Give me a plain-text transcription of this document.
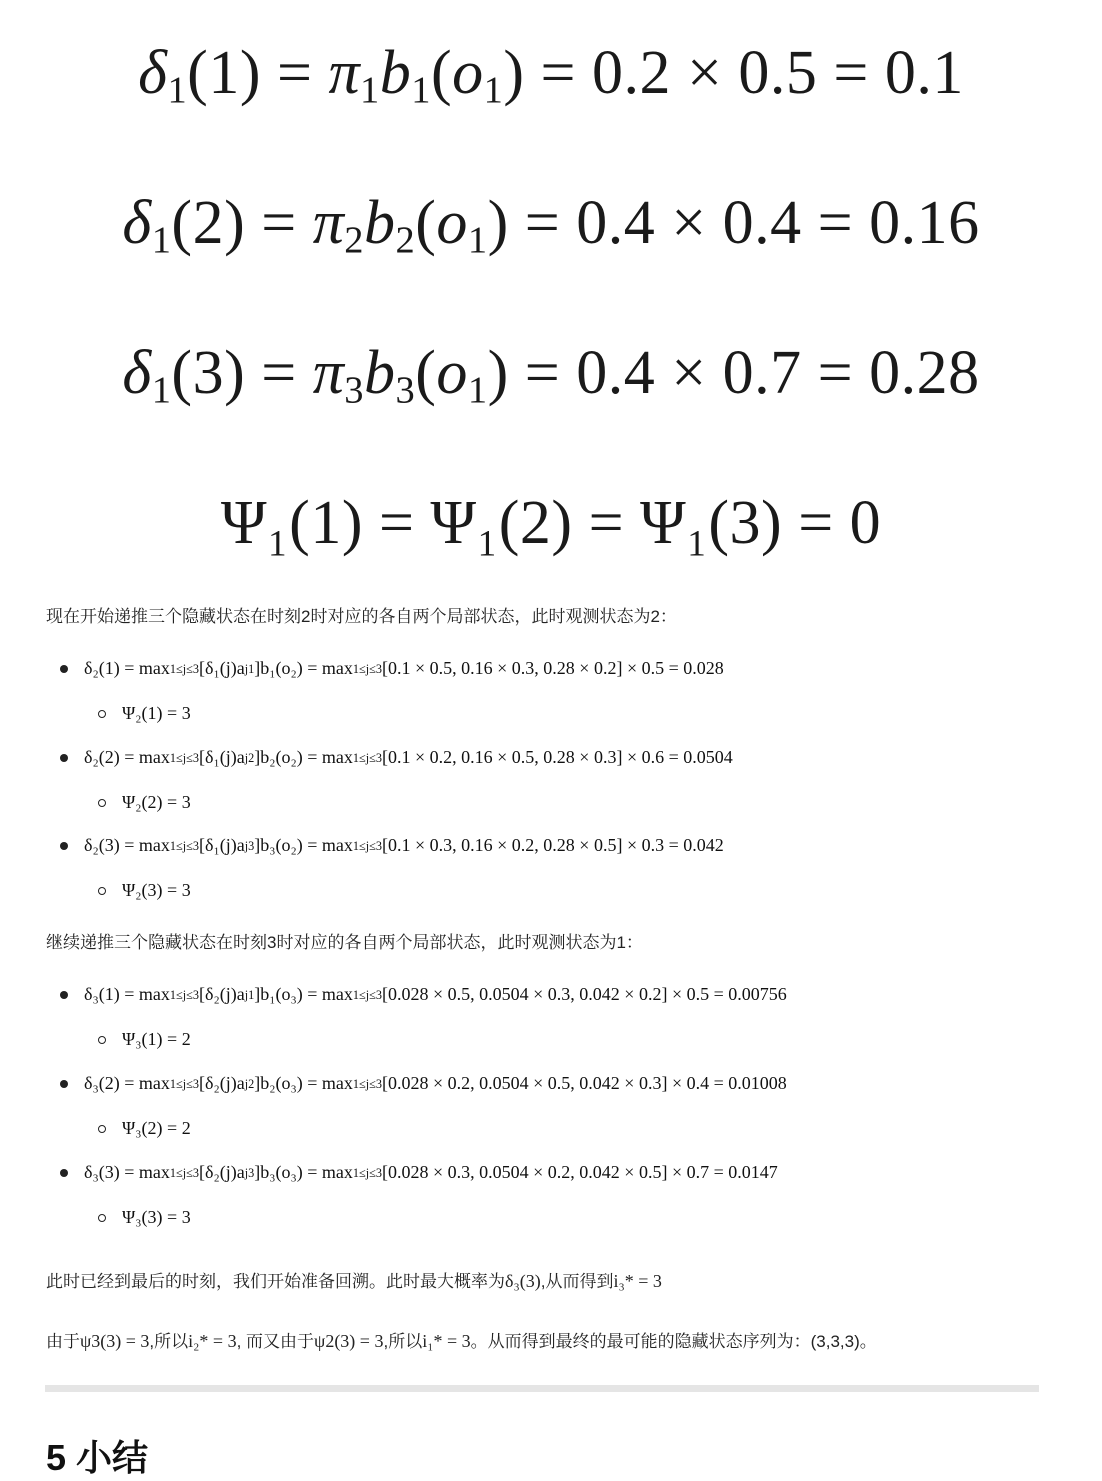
$\delta_1(1) = \pi_1b_1(o_1) = 0.2 \times 0.5 = 0.1$
$\delta_1(2) = \pi_2b_2(o_1) = 0.4 \times 0.4 = 0.16$
$\delta_1(3) = \pi_3b_3(o_1) = 0.4 \times 0.7 = 0.28$
Ψ₁(1) = Ψ₁(2) = Ψ₁(3) = 0
现在开始递推三个隐藏状态在时刻2时对应的各自两个局部状态，此时观测状态为2：
δ₂(1) = max 1≤j≤3 [δ₁(j)a j1 ]b₁(o₂) = max 1≤j≤3 [0.1 × 0.5, 0.16 × 0.3, 0.28 × 0.2] × 0.5 = 0.028
Ψ₂(1) = 3
δ₂(2) = max 1≤j≤3 [δ₁(j)a j2 ]b₂(o₂) = max 1≤j≤3 [0.1 × 0.2, 0.16 × 0.5, 0.28 × 0.3] × 0.6 = 0.0504
Ψ₂(2) = 3
δ₂(3) = max 1≤j≤3 [δ₁(j)a j3 ]b₃(o₂) = max 1≤j≤3 [0.1 × 0.3, 0.16 × 0.2, 0.28 × 0.5] × 0.3 = 0.042
Ψ₂(3) = 3
继续递推三个隐藏状态在时刻3时对应的各自两个局部状态，此时观测状态为1：
δ₃(1) = max 1≤j≤3 [δ₂(j)a j1 ]b₁(o₃) = max 1≤j≤3 [0.028 × 0.5, 0.0504 × 0.3, 0.042 × 0.2] × 0.5 = 0.00756
Ψ₃(1) = 2
δ₃(2) = max 1≤j≤3 [δ₂(j)a j2 ]b₂(o₃) = max 1≤j≤3 [0.028 × 0.2, 0.0504 × 0.5, 0.042 × 0.3] × 0.4 = 0.01008
Ψ₃(2) = 2
δ₃(3) = max 1≤j≤3 [δ₂(j)a j3 ]b₃(o₃) = max 1≤j≤3 [0.028 × 0.3, 0.0504 × 0.2, 0.042 × 0.5] × 0.7 = 0.0147
Ψ₃(3) = 3
此时已经到最后的时刻，我们开始准备回溯。此时最大概率为δ₃(3),从而得到i₃* = 3
由于ψ3(3) = 3,所以i₂* = 3, 而又由于ψ2(3) = 3,所以i₁* = 3。从而得到最终的最可能的隐藏状态序列为：(3,3,3)。
5 小结
